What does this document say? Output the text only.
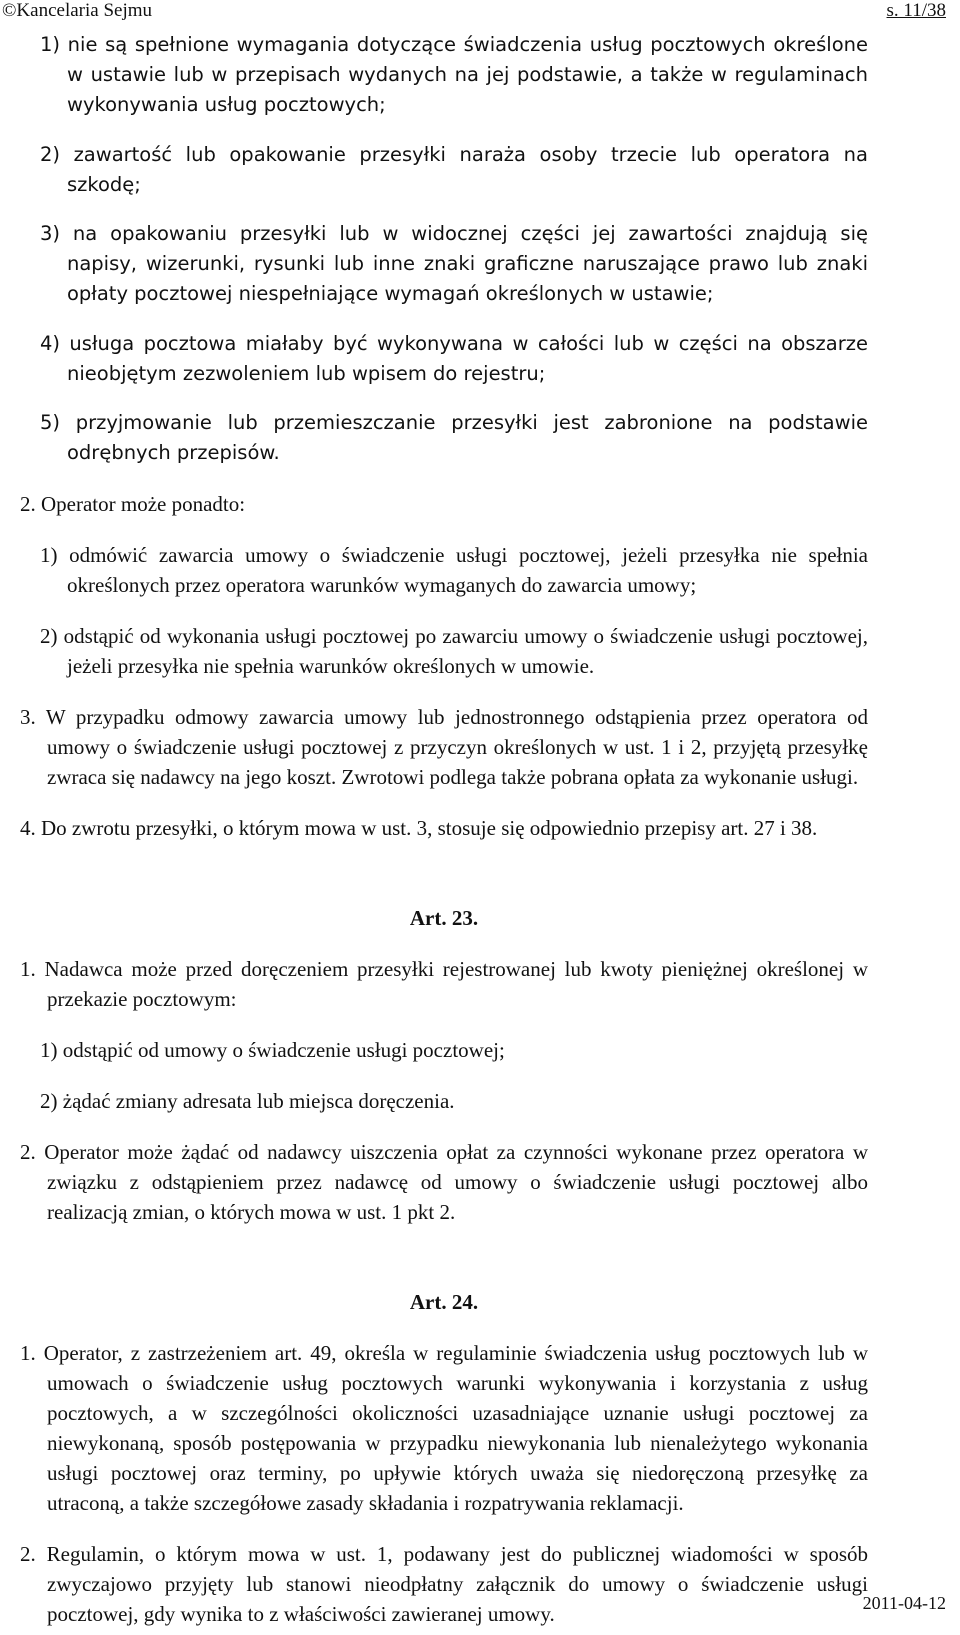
©Kancelaria Sejmu	s. 11/38

1) nie są spełnione wymagania dotyczące świadczenia usług pocztowych określone w ustawie lub w przepisach wydanych na jej podstawie, a także w regulaminach wykonywania usług pocztowych;

2) zawartość lub opakowanie przesyłki naraża osoby trzecie lub operatora na szkodę;

3) na opakowaniu przesyłki lub w widocznej części jej zawartości znajdują się napisy, wizerunki, rysunki lub inne znaki graficzne naruszające prawo lub znaki opłaty pocztowej niespełniające wymagań określonych w ustawie;

4) usługa pocztowa miałaby być wykonywana w całości lub w części na obszarze nieobjętym zezwoleniem lub wpisem do rejestru;

5) przyjmowanie lub przemieszczanie przesyłki jest zabronione na podstawie odrębnych przepisów.

2. Operator może ponadto:

1) odmówić zawarcia umowy o świadczenie usługi pocztowej, jeżeli przesyłka nie spełnia określonych przez operatora warunków wymaganych do zawarcia umowy;

2) odstąpić od wykonania usługi pocztowej po zawarciu umowy o świadczenie usługi pocztowej, jeżeli przesyłka nie spełnia warunków określonych w umowie.

3. W przypadku odmowy zawarcia umowy lub jednostronnego odstąpienia przez operatora od umowy o świadczenie usługi pocztowej z przyczyn określonych w ust. 1 i 2, przyjętą przesyłkę zwraca się nadawcy na jego koszt. Zwrotowi podlega także pobrana opłata za wykonanie usługi.

4. Do zwrotu przesyłki, o którym mowa w ust. 3, stosuje się odpowiednio przepisy art. 27 i 38.

Art. 23.

1. Nadawca może przed doręczeniem przesyłki rejestrowanej lub kwoty pieniężnej określonej w przekazie pocztowym:

1) odstąpić od umowy o świadczenie usługi pocztowej;

2) żądać zmiany adresata lub miejsca doręczenia.

2. Operator może żądać od nadawcy uiszczenia opłat za czynności wykonane przez operatora w związku z odstąpieniem przez nadawcę od umowy o świadczenie usługi pocztowej albo realizacją zmian, o których mowa w ust. 1 pkt 2.

Art. 24.

1. Operator, z zastrzeżeniem art. 49, określa w regulaminie świadczenia usług pocztowych lub w umowach o świadczenie usług pocztowych warunki wykonywania i korzystania z usług pocztowych, a w szczególności okoliczności uzasadniające uznanie usługi pocztowej za niewykonaną, sposób postępowania w przypadku niewykonania lub nienależytego wykonania usługi pocztowej oraz terminy, po upływie których uważa się niedoręczoną przesyłkę za utraconą, a także szczegółowe zasady składania i rozpatrywania reklamacji.

2. Regulamin, o którym mowa w ust. 1, podawany jest do publicznej wiadomości w sposób zwyczajowo przyjęty lub stanowi nieodpłatny załącznik do umowy o świadczenie usługi pocztowej, gdy wynika to z właściwości zawieranej umowy.	2011-04-12
